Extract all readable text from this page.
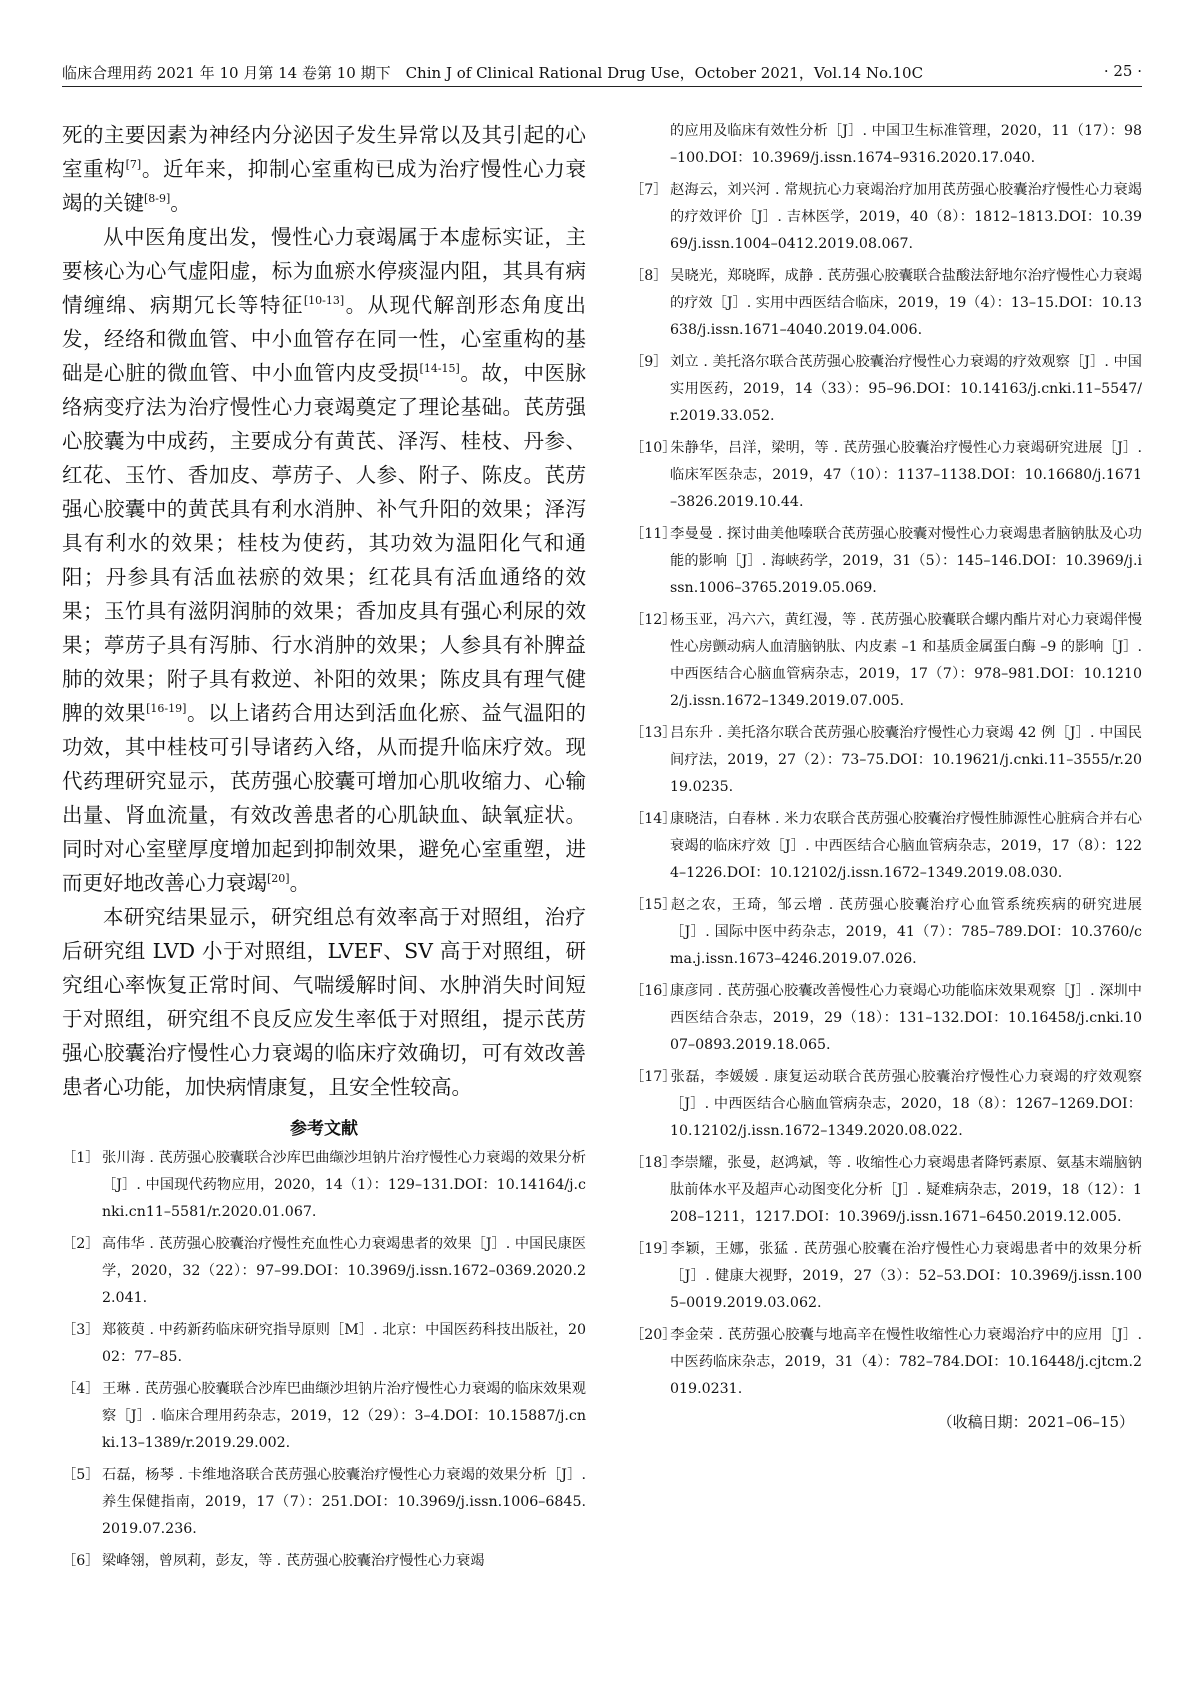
临床合理用药 2021 年 10 月第 14 卷第 10 期下　Chin J of Clinical Rational Drug Use，October 2021，Vol.14 No.10C	· 25 ·

死的主要因素为神经内分泌因子发生异常以及其引起的心室重构[7]。近年来，抑制心室重构已成为治疗慢性心力衰竭的关键[8-9]。

从中医角度出发，慢性心力衰竭属于本虚标实证，主要核心为心气虚阳虚，标为血瘀水停痰湿内阻，其具有病情缠绵、病期冗长等特征[10-13]。从现代解剖形态角度出发，经络和微血管、中小血管存在同一性，心室重构的基础是心脏的微血管、中小血管内皮受损[14-15]。故，中医脉络病变疗法为治疗慢性心力衰竭奠定了理论基础。芪苈强心胶囊为中成药，主要成分有黄芪、泽泻、桂枝、丹参、红花、玉竹、香加皮、葶苈子、人参、附子、陈皮。芪苈强心胶囊中的黄芪具有利水消肿、补气升阳的效果；泽泻具有利水的效果；桂枝为使药，其功效为温阳化气和通阳；丹参具有活血祛瘀的效果；红花具有活血通络的效果；玉竹具有滋阴润肺的效果；香加皮具有强心利尿的效果；葶苈子具有泻肺、行水消肿的效果；人参具有补脾益肺的效果；附子具有救逆、补阳的效果；陈皮具有理气健脾的效果[16-19]。以上诸药合用达到活血化瘀、益气温阳的功效，其中桂枝可引导诸药入络，从而提升临床疗效。现代药理研究显示，芪苈强心胶囊可增加心肌收缩力、心输出量、肾血流量，有效改善患者的心肌缺血、缺氧症状。同时对心室壁厚度增加起到抑制效果，避免心室重塑，进而更好地改善心力衰竭[20]。

本研究结果显示，研究组总有效率高于对照组，治疗后研究组 LVD 小于对照组，LVEF、SV 高于对照组，研究组心率恢复正常时间、气喘缓解时间、水肿消失时间短于对照组，研究组不良反应发生率低于对照组，提示芪苈强心胶囊治疗慢性心力衰竭的临床疗效确切，可有效改善患者心功能，加快病情康复，且安全性较高。

参考文献

［1］ 张川海 . 芪苈强心胶囊联合沙库巴曲缬沙坦钠片治疗慢性心力衰竭的效果分析［J］. 中国现代药物应用，2020，14（1）：129–131.DOI：10.14164/j.cnki.cn11–5581/r.2020.01.067.

［2］ 高伟华 . 芪苈强心胶囊治疗慢性充血性心力衰竭患者的效果［J］. 中国民康医学，2020，32（22）：97–99.DOI：10.3969/j.issn.1672–0369.2020.22.041.

［3］ 郑筱萸 . 中药新药临床研究指导原则［M］. 北京：中国医药科技出版社，2002：77–85.

［4］ 王琳 . 芪苈强心胶囊联合沙库巴曲缬沙坦钠片治疗慢性心力衰竭的临床效果观察［J］. 临床合理用药杂志，2019，12（29）：3–4.DOI：10.15887/j.cnki.13–1389/r.2019.29.002.

［5］ 石磊，杨琴 . 卡维地洛联合芪苈强心胶囊治疗慢性心力衰竭的效果分析［J］. 养生保健指南，2019，17（7）：251.DOI：10.3969/j.issn.1006–6845.2019.07.236.

［6］ 梁峰翎，曾夙莉，彭友，等 . 芪苈强心胶囊治疗慢性心力衰竭

的应用及临床有效性分析［J］. 中国卫生标准管理，2020，11（17）：98–100.DOI：10.3969/j.issn.1674–9316.2020.17.040.

［7］ 赵海云，刘兴河 . 常规抗心力衰竭治疗加用芪苈强心胶囊治疗慢性心力衰竭的疗效评价［J］. 吉林医学，2019，40（8）：1812–1813.DOI：10.3969/j.issn.1004–0412.2019.08.067.

［8］ 吴晓光，郑晓晖，成静 . 芪苈强心胶囊联合盐酸法舒地尔治疗慢性心力衰竭的疗效［J］. 实用中西医结合临床，2019，19（4）：13–15.DOI：10.13638/j.issn.1671–4040.2019.04.006.

［9］ 刘立 . 美托洛尔联合芪苈强心胶囊治疗慢性心力衰竭的疗效观察［J］. 中国实用医药，2019，14（33）：95–96.DOI：10.14163/j.cnki.11–5547/r.2019.33.052.

［10］朱静华，吕洋，梁明，等 . 芪苈强心胶囊治疗慢性心力衰竭研究进展［J］. 临床军医杂志，2019，47（10）：1137–1138.DOI：10.16680/j.1671–3826.2019.10.44.

［11］李曼曼 . 探讨曲美他嗪联合芪苈强心胶囊对慢性心力衰竭患者脑钠肽及心功能的影响［J］. 海峡药学，2019，31（5）：145–146.DOI：10.3969/j.issn.1006–3765.2019.05.069.

［12］杨玉亚，冯六六，黄红漫，等 . 芪苈强心胶囊联合螺内酯片对心力衰竭伴慢性心房颤动病人血清脑钠肽、内皮素 –1 和基质金属蛋白酶 –9 的影响［J］. 中西医结合心脑血管病杂志，2019，17（7）：978–981.DOI：10.12102/j.issn.1672–1349.2019.07.005.

［13］吕东升 . 美托洛尔联合芪苈强心胶囊治疗慢性心力衰竭 42 例［J］. 中国民间疗法，2019，27（2）：73–75.DOI：10.19621/j.cnki.11–3555/r.2019.0235.

［14］康晓洁，白春林 . 米力农联合芪苈强心胶囊治疗慢性肺源性心脏病合并右心衰竭的临床疗效［J］. 中西医结合心脑血管病杂志，2019，17（8）：1224–1226.DOI：10.12102/j.issn.1672–1349.2019.08.030.

［15］赵之农，王琦，邹云增 . 芪苈强心胶囊治疗心血管系统疾病的研究进展［J］. 国际中医中药杂志，2019，41（7）：785–789.DOI：10.3760/cma.j.issn.1673–4246.2019.07.026.

［16］康彦同 . 芪苈强心胶囊改善慢性心力衰竭心功能临床效果观察［J］. 深圳中西医结合杂志，2019，29（18）：131–132.DOI：10.16458/j.cnki.1007–0893.2019.18.065.

［17］张磊，李媛媛 . 康复运动联合芪苈强心胶囊治疗慢性心力衰竭的疗效观察［J］. 中西医结合心脑血管病杂志，2020，18（8）：1267–1269.DOI：10.12102/j.issn.1672–1349.2020.08.022.

［18］李崇耀，张曼，赵鸿斌，等 . 收缩性心力衰竭患者降钙素原、氨基末端脑钠肽前体水平及超声心动图变化分析［J］. 疑难病杂志，2019，18（12）：1208–1211，1217.DOI：10.3969/j.issn.1671–6450.2019.12.005.

［19］李颖，王娜，张猛 . 芪苈强心胶囊在治疗慢性心力衰竭患者中的效果分析［J］. 健康大视野，2019，27（3）：52–53.DOI：10.3969/j.issn.1005–0019.2019.03.062.

［20］李金荣 . 芪苈强心胶囊与地高辛在慢性收缩性心力衰竭治疗中的应用［J］. 中医药临床杂志，2019，31（4）：782–784.DOI：10.16448/j.cjtcm.2019.0231.

（收稿日期：2021–06–15）
